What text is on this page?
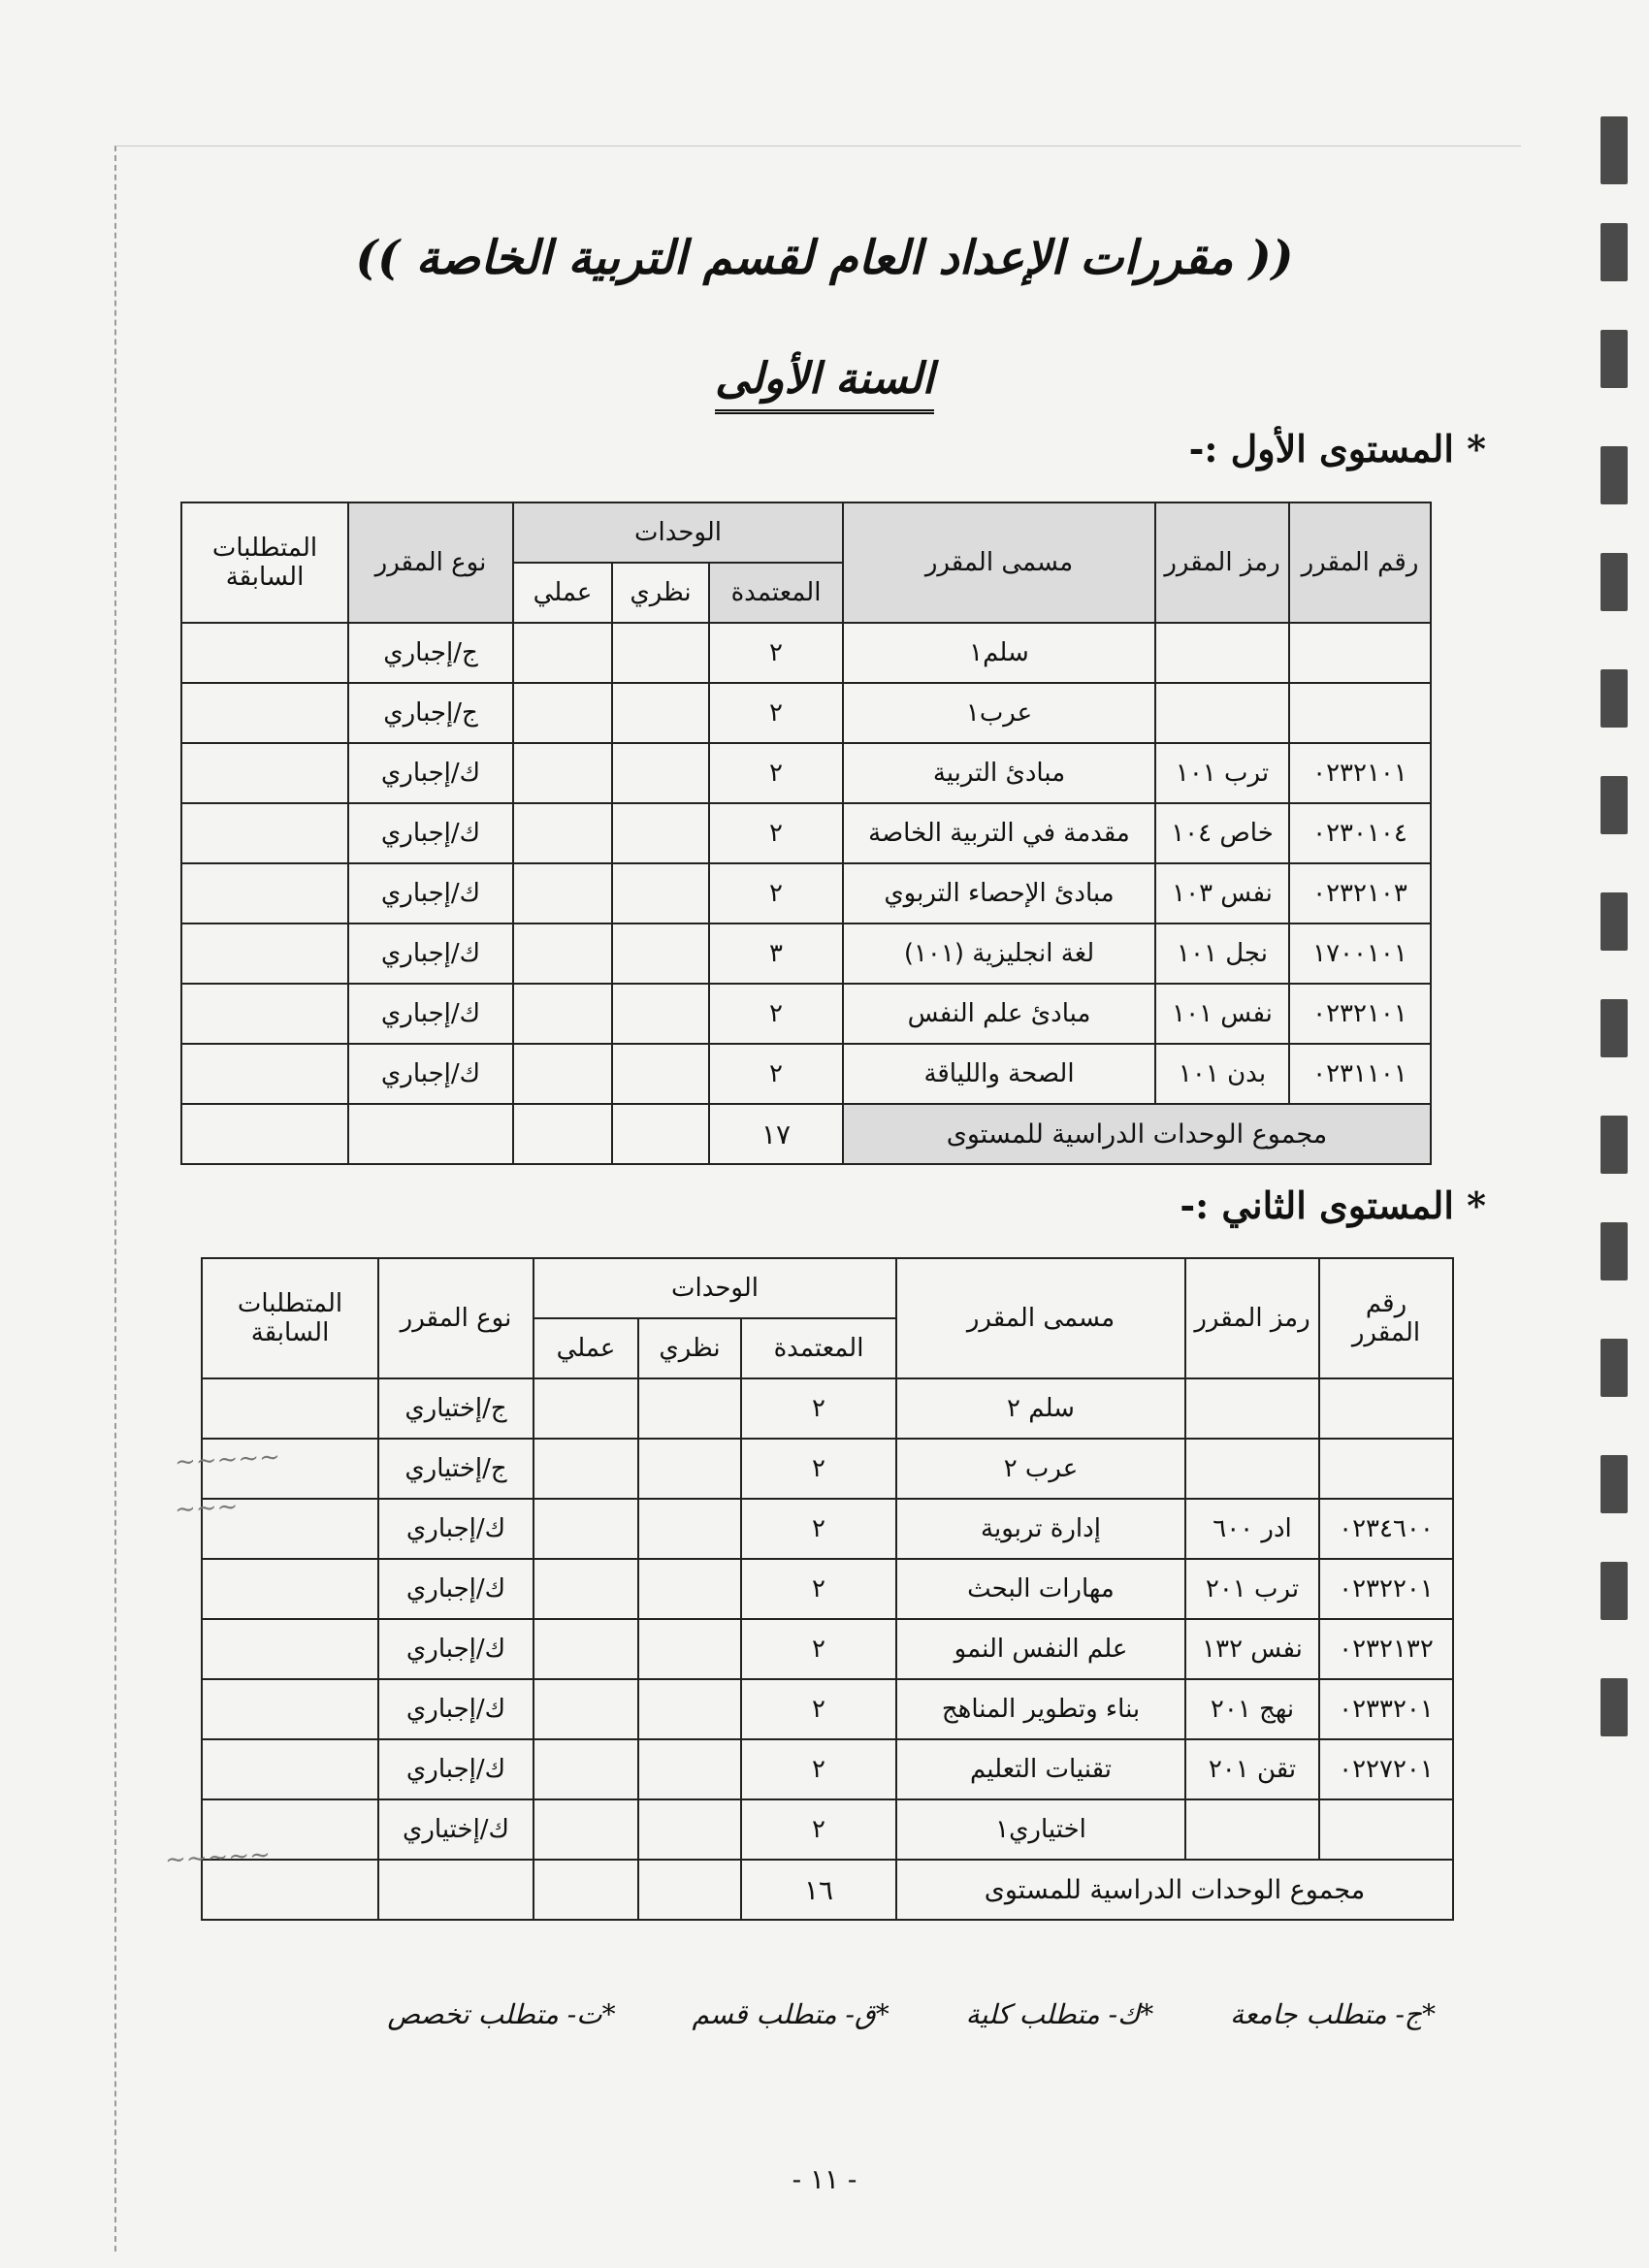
(( مقررات الإعداد العام لقسم التربية الخاصة ))
السنة الأولى
* المستوى الأول :-
رقم المقرر	رمز المقرر	مسمى المقرر	الوحدات			نوع المقرر	المتطلبات السابقة
			المعتمدة	نظري	عملي		
		سلم١	٢			ج/إجباري	
		عرب١	٢			ج/إجباري	
٠٢٣٢١٠١	ترب ١٠١	مبادئ التربية	٢			ك/إجباري	
٠٢٣٠١٠٤	خاص ١٠٤	مقدمة في التربية الخاصة	٢			ك/إجباري	
٠٢٣٢١٠٣	نفس ١٠٣	مبادئ الإحصاء التربوي	٢			ك/إجباري	
١٧٠٠١٠١	نجل ١٠١	لغة انجليزية (١٠١)	٣			ك/إجباري	
٠٢٣٢١٠١	نفس ١٠١	مبادئ علم النفس	٢			ك/إجباري	
٠٢٣١١٠١	بدن ١٠١	الصحة واللياقة	٢			ك/إجباري	
مجموع الوحدات الدراسية للمستوى			١٧				
* المستوى الثاني :-
رقم المقرر	رمز المقرر	مسمى المقرر	الوحدات			نوع المقرر	المتطلبات السابقة
			المعتمدة	نظري	عملي		
		سلم ٢	٢			ج/إختياري	
		عرب ٢	٢			ج/إختياري	
٠٢٣٤٦٠٠	ادر ٦٠٠	إدارة تربوية	٢			ك/إجباري	
٠٢٣٢٢٠١	ترب ٢٠١	مهارات البحث	٢			ك/إجباري	
٠٢٣٢١٣٢	نفس ١٣٢	علم النفس النمو	٢			ك/إجباري	
٠٢٣٣٢٠١	نهج ٢٠١	بناء وتطوير المناهج	٢			ك/إجباري	
٠٢٢٧٢٠١	تقن ٢٠١	تقنيات التعليم	٢			ك/إجباري	
		اختياري١	٢			ك/إختياري	
مجموع الوحدات الدراسية للمستوى			١٦				
~~~~~
~~~
~~~~~
*ج- متطلب جامعة *ك- متطلب كلية *ق- متطلب قسم *ت- متطلب تخصص
- ١١ -
